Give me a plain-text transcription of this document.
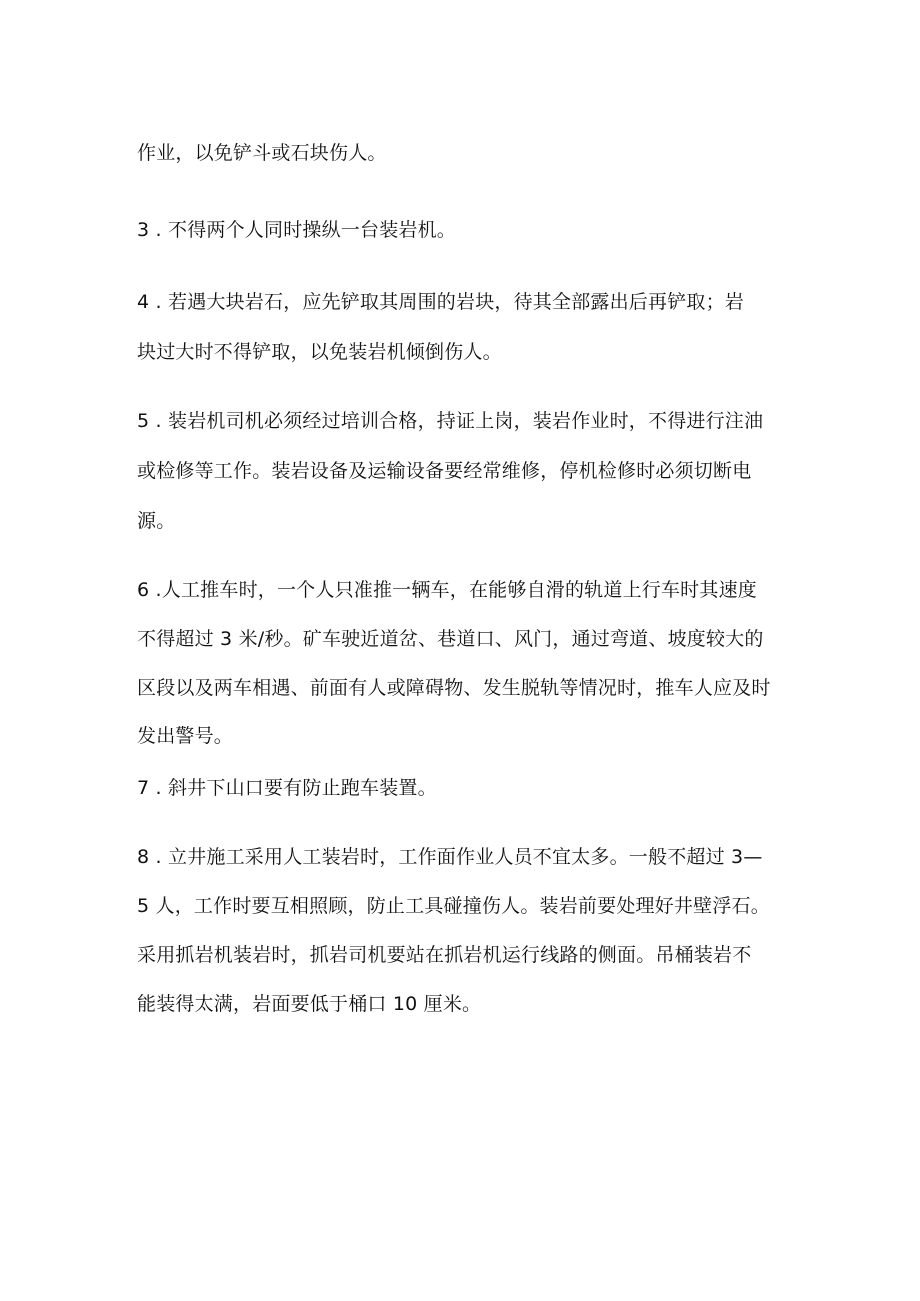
作业，以免铲斗或石块伤人。
3 . 不得两个人同时操纵一台装岩机。
4 . 若遇大块岩石，应先铲取其周围的岩块，待其全部露出后再铲取；岩
块过大时不得铲取，以免装岩机倾倒伤人。
5 . 装岩机司机必须经过培训合格，持证上岗，装岩作业时，不得进行注油
或检修等工作。装岩设备及运输设备要经常维修，停机检修时必须切断电
源。
6 .人工推车时，一个人只准推一辆车，在能够自滑的轨道上行车时其速度
不得超过 3 米/秒。矿车驶近道岔、巷道口、风门，通过弯道、坡度较大的
区段以及两车相遇、前面有人或障碍物、发生脱轨等情况时，推车人应及时
发出警号。
7 . 斜井下山口要有防止跑车装置。
8 . 立井施工采用人工装岩时，工作面作业人员不宜太多。一般不超过 3—
5 人，工作时要互相照顾，防止工具碰撞伤人。装岩前要处理好井壁浮石。
采用抓岩机装岩时，抓岩司机要站在抓岩机运行线路的侧面。吊桶装岩不
能装得太满，岩面要低于桶口 10 厘米。
